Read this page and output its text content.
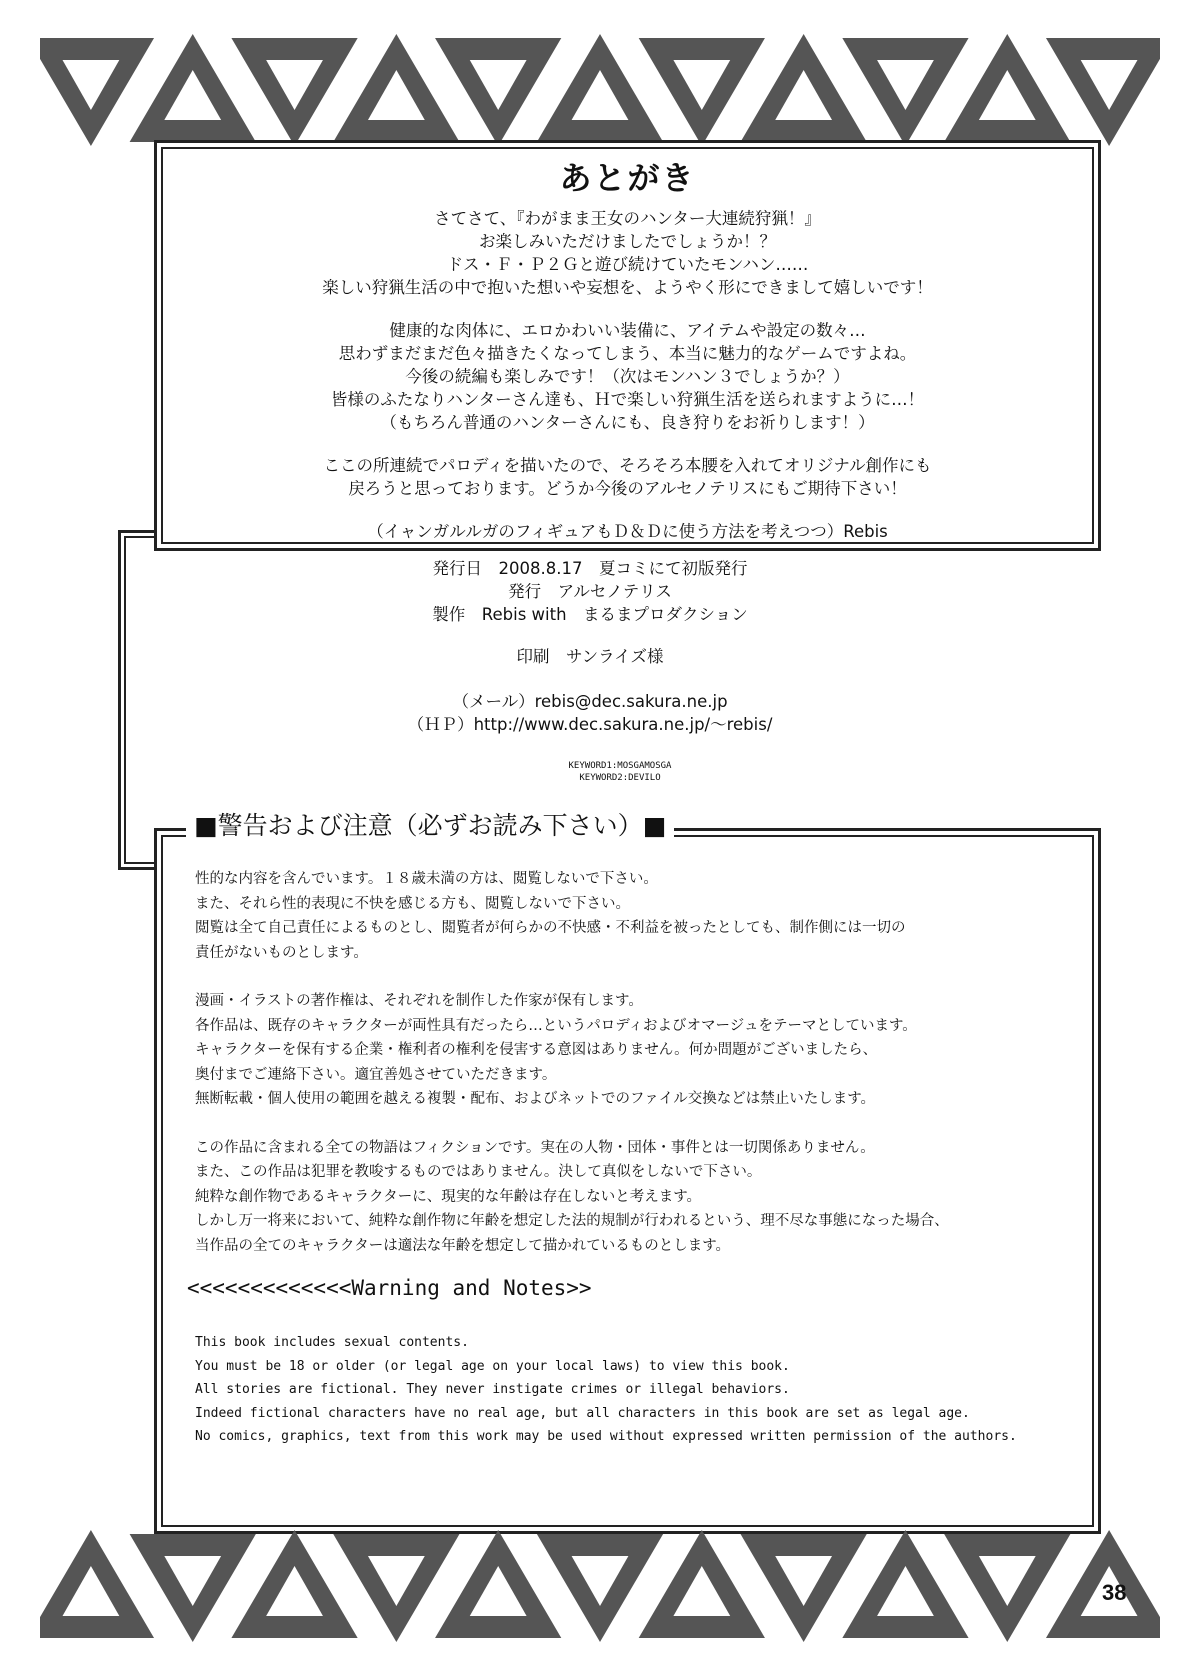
あとがき

さてさて、『わがまま王女のハンター大連続狩猟！』
お楽しみいただけましたでしょうか！？
ドス・Ｆ・Ｐ２Ｇと遊び続けていたモンハン……
楽しい狩猟生活の中で抱いた想いや妄想を、ようやく形にできまして嬉しいです！

健康的な肉体に、エロかわいい装備に、アイテムや設定の数々…
思わずまだまだ色々描きたくなってしまう、本当に魅力的なゲームですよね。
今後の続編も楽しみです！（次はモンハン３でしょうか？）
皆様のふたなりハンターさん達も、Ｈで楽しい狩猟生活を送られますように…！
（もちろん普通のハンターさんにも、良き狩りをお祈りします！）

ここの所連続でパロディを描いたので、そろそろ本腰を入れてオリジナル創作にも
戻ろうと思っております。どうか今後のアルセノテリスにもご期待下さい！

（イャンガルルガのフィギュアもＤ＆Ｄに使う方法を考えつつ）Rebis

発行日　2008.8.17　夏コミにて初版発行
発行　アルセノテリス
製作　Rebis with　まるまプロダクション
印刷　サンライズ様
（メール）rebis@dec.sakura.ne.jp
（ＨＰ）http://www.dec.sakura.ne.jp/～rebis/
KEYWORD1:MOSGAMOSGA
KEYWORD2:DEVILO
■警告および注意（必ずお読み下さい）■

性的な内容を含んでいます。１８歳未満の方は、閲覧しないで下さい。
また、それら性的表現に不快を感じる方も、閲覧しないで下さい。
閲覧は全て自己責任によるものとし、閲覧者が何らかの不快感・不利益を被ったとしても、制作側には一切の
責任がないものとします。

漫画・イラストの著作権は、それぞれを制作した作家が保有します。
各作品は、既存のキャラクターが両性具有だったら…というパロディおよびオマージュをテーマとしています。
キャラクターを保有する企業・権利者の権利を侵害する意図はありません。何か問題がございましたら、
奥付までご連絡下さい。適宜善処させていただきます。
無断転載・個人使用の範囲を越える複製・配布、およびネットでのファイル交換などは禁止いたします。

この作品に含まれる全ての物語はフィクションです。実在の人物・団体・事件とは一切関係ありません。
また、この作品は犯罪を教唆するものではありません。決して真似をしないで下さい。
純粋な創作物であるキャラクターに、現実的な年齢は存在しないと考えます。
しかし万一将来において、純粋な創作物に年齢を想定した法的規制が行われるという、理不尽な事態になった場合、
当作品の全てのキャラクターは適法な年齢を想定して描かれているものとします。

<<<<<<<<<<<<<Warning and Notes>>
This book includes sexual contents.
You must be 18 or older (or legal age on your local laws) to view this book.
All stories are fictional. They never instigate crimes or illegal behaviors.
Indeed fictional characters have no real age, but all characters in this book are set as legal age.
No comics, graphics, text from this work may be used without expressed written permission of the authors.
38
